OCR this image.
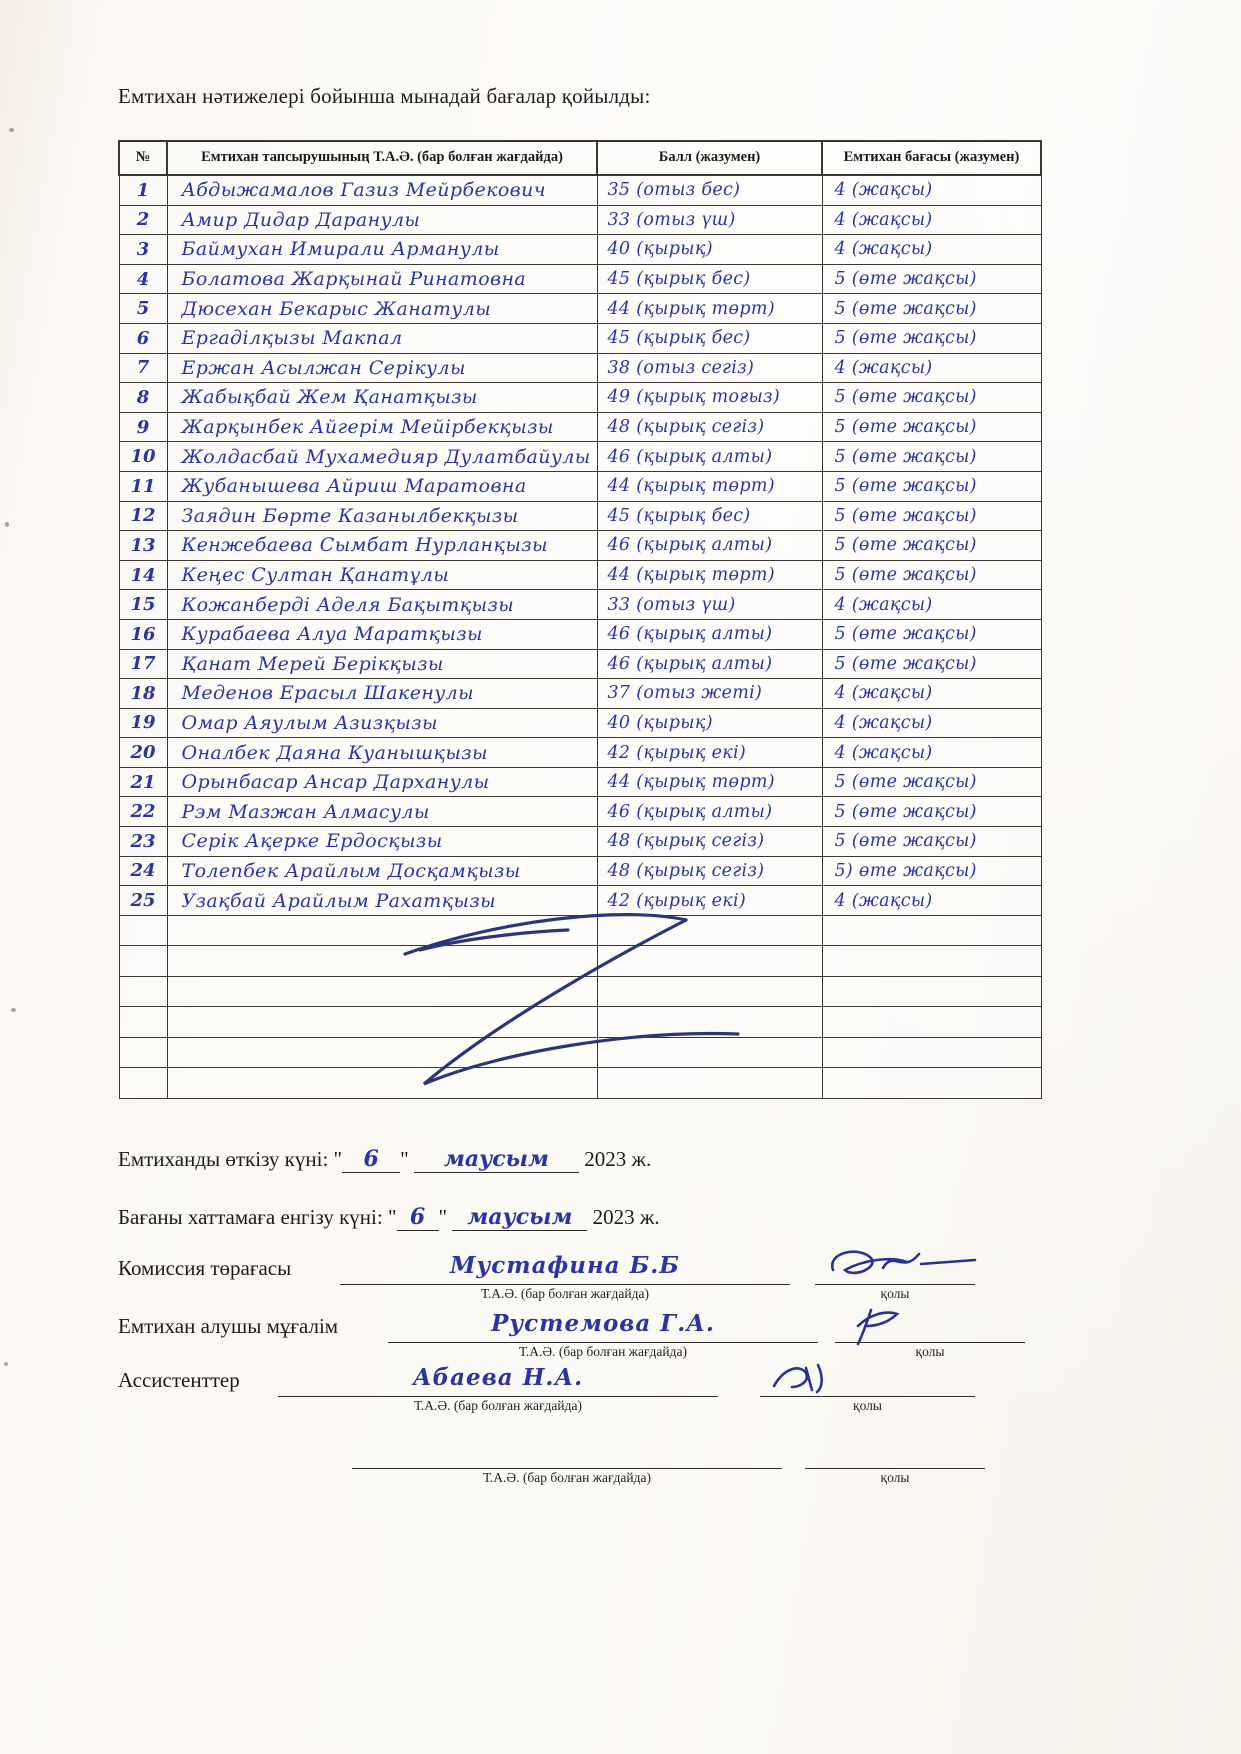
Емтихан нәтижелері бойынша мынадай бағалар қойылды:
№	Емтихан тапсырушының Т.А.Ә. (бар болған жағдайда)	Балл (жазумен)	Емтихан бағасы (жазумен)
1	Абдыжамалов Газиз Мейрбекович	35 (отыз бес)	4 (жақсы)
2	Амир Дидар Даранулы	33 (отыз үш)	4 (жақсы)
3	Баймухан Имирали Арманулы	40 (қырық)	4 (жақсы)
4	Болатова Жарқынай Ринатовна	45 (қырық бес)	5 (өте жақсы)
5	Дюсехан Бекарыс Жанатулы	44 (қырық төрт)	5 (өте жақсы)
6	Ергаділқызы Макпал	45 (қырық бес)	5 (өте жақсы)
7	Ержан Асылжан Серікулы	38 (отыз сегіз)	4 (жақсы)
8	Жабықбай Жем Қанатқызы	49 (қырық тоғыз)	5 (өте жақсы)
9	Жарқынбек Айгерім Мейірбекқызы	48 (қырық сегіз)	5 (өте жақсы)
10	Жолдасбай Мухамедияр Дулатбайулы	46 (қырық алты)	5 (өте жақсы)
11	Жубанышева Айриш Маратовна	44 (қырық төрт)	5 (өте жақсы)
12	Заядин Бөрте Казанылбекқызы	45 (қырық бес)	5 (өте жақсы)
13	Кенжебаева Сымбат Нурланқызы	46 (қырық алты)	5 (өте жақсы)
14	Кеңес Султан Қанатұлы	44 (қырық төрт)	5 (өте жақсы)
15	Кожанберді Аделя Бақытқызы	33 (отыз үш)	4 (жақсы)
16	Курабаева Алуа Маратқызы	46 (қырық алты)	5 (өте жақсы)
17	Қанат Мерей Берікқызы	46 (қырық алты)	5 (өте жақсы)
18	Меденов Ерасыл Шакенулы	37 (отыз жеті)	4 (жақсы)
19	Омар Аяулым Азизқызы	40 (қырық)	4 (жақсы)
20	Оналбек Даяна Куанышқызы	42 (қырық екі)	4 (жақсы)
21	Орынбасар Ансар Дарханулы	44 (қырық төрт)	5 (өте жақсы)
22	Рэм Мазжан Алмасулы	46 (қырық алты)	5 (өте жақсы)
23	Серік Ақерке Ердосқызы	48 (қырық сегіз)	5 (өте жақсы)
24	Толепбек Арайлым Досқамқызы	48 (қырық сегіз)	5) өте жақсы)
25	Узақбай Арайлым Рахатқызы	42 (қырық екі)	4 (жақсы)

Емтиханды өткізу күні: " 6 " маусым 2023 ж.
Бағаны хаттамаға енгізу күні: " 6 " маусым 2023 ж.
Комиссия төрағасы	Мустафина Б.Б
Т.А.Ә. (бар болған жағдайда)	қолы
Емтихан алушы мұғалім	Рустемова Г.А.
Т.А.Ә. (бар болған жағдайда)	қолы
Ассистенттер	Абаева Н.А.
Т.А.Ә. (бар болған жағдайда)	қолы
Т.А.Ә. (бар болған жағдайда)	қолы
